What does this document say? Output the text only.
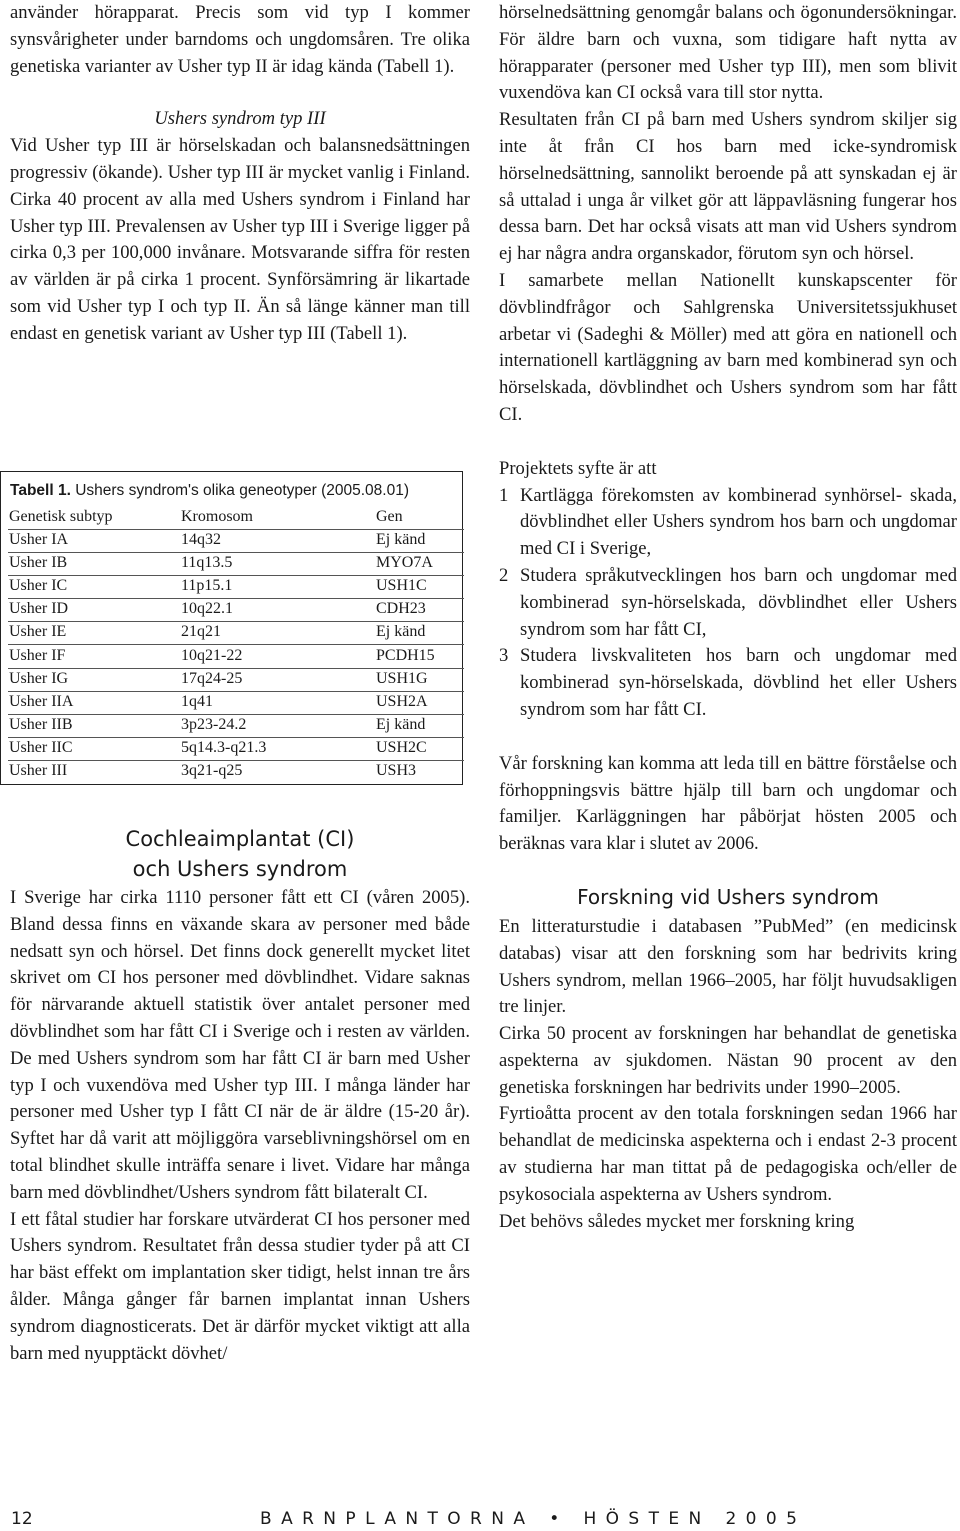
använder hörapparat. Precis som vid typ I kommer synsvårigheter under barndoms och ungdomsåren. Tre olika genetiska varianter av Usher typ II är idag kända (Tabell 1).

Ushers syndrom typ III

Vid Usher typ III är hörselskadan och balansnedsättningen progressiv (ökande). Usher typ III är mycket vanlig i Finland. Cirka 40 procent av alla med Ushers syndrom i Finland har Usher typ III. Prevalensen av Usher typ III i Sverige ligger på cirka 0,3 per 100,000 invånare. Motsvarande siffra för resten av världen är på cirka 1 procent. Synförsämring är likartade som vid Usher typ I och typ II. Än så länge känner man till endast en genetisk variant av Usher typ III (Tabell 1).

Tabell 1. Ushers syndrom's olika geneotyper (2005.08.01)
Genetisk subtyp	Kromosom	Gen
Usher IA	14q32	Ej känd
Usher IB	11q13.5	MYO7A
Usher IC	11p15.1	USH1C
Usher ID	10q22.1	CDH23
Usher IE	21q21	Ej känd
Usher IF	10q21-22	PCDH15
Usher IG	17q24-25	USH1G
Usher IIA	1q41	USH2A
Usher IIB	3p23-24.2	Ej känd
Usher IIC	5q14.3-q21.3	USH2C
Usher III	3q21-q25	USH3
Cochleaimplantat (CI)
och Ushers syndrom

I Sverige har cirka 1110 personer fått ett CI (våren 2005). Bland dessa finns en växande skara av personer med både nedsatt syn och hörsel. Det finns dock generellt mycket litet skrivet om CI hos personer med dövblindhet. Vidare saknas för närvarande aktuell statistik över antalet personer med dövblindhet som har fått CI i Sverige och i resten av världen. De med Ushers syndrom som har fått CI är barn med Usher typ I och vuxendöva med Usher typ III. I många länder har personer med Usher typ I fått CI när de är äldre (15-20 år). Syftet har då varit att möjliggöra varseblivningshörsel om en total blindhet skulle inträffa senare i livet. Vidare har många barn med dövblindhet/Ushers syndrom fått bilateralt CI.

I ett fåtal studier har forskare utvärderat CI hos personer med Ushers syndrom. Resultatet från dessa studier tyder på att CI har bäst effekt om implantation sker tidigt, helst innan tre års ålder. Många gånger får barnen implantat innan Ushers syndrom diagnosticerats. Det är därför mycket viktigt att alla barn med nyupptäckt dövhet/

hörselnedsättning genomgår balans och ögonundersökningar. För äldre barn och vuxna, som tidigare haft nytta av hörapparater (personer med Usher typ III), men som blivit vuxendöva kan CI också vara till stor nytta.

Resultaten från CI på barn med Ushers syndrom skiljer sig inte åt från CI hos barn med icke-syndromisk hörselnedsättning, sannolikt beroende på att synskadan ej är så uttalad i unga år vilket gör att läppavläsning fungerar hos dessa barn. Det har också visats att man vid Ushers syndrom ej har några andra organskador, förutom syn och hörsel.

I samarbete mellan Nationellt kunskapscenter för dövblindfrågor och Sahlgrenska Universitetssjukhuset arbetar vi (Sadeghi & Möller) med att göra en nationell och internationell kartläggning av barn med kombinerad syn och hörselskada, dövblindhet och Ushers syndrom som har fått CI.

Projektets syfte är att

1 Kartlägga förekomsten av kombinerad synhörsel- skada, dövblindhet eller Ushers syndrom hos barn och ungdomar med CI i Sverige,
2 Studera språkutvecklingen hos barn och ungdomar med kombinerad syn-hörselskada, dövblindhet eller Ushers syndrom som har fått CI,
3 Studera livskvaliteten hos barn och ungdomar med kombinerad syn-hörselskada, dövblind het eller Ushers syndrom som har fått CI.

Vår forskning kan komma att leda till en bättre förståelse och förhoppningsvis bättre hjälp till barn och ungdomar och familjer. Karläggningen har påbörjat hösten 2005 och beräknas vara klar i slutet av 2006.

Forskning vid Ushers syndrom

En litteraturstudie i databasen ”PubMed” (en medicinsk databas) visar att den forskning som har bedrivits kring Ushers syndrom, mellan 1966–2005, har följt huvudsakligen tre linjer.

Cirka 50 procent av forskningen har behandlat de genetiska aspekterna av sjukdomen. Nästan 90 procent av den genetiska forskningen har bedrivits under 1990–2005.

Fyrtioåtta procent av den totala forskningen sedan 1966 har behandlat de medicinska aspekterna och i endast 2-3 procent av studierna har man tittat på de pedagogiska och/eller de psykosociala aspekterna av Ushers syndrom.

Det behövs således mycket mer forskning kring

12	BARNPLANTORNA • HÖSTEN 2005
